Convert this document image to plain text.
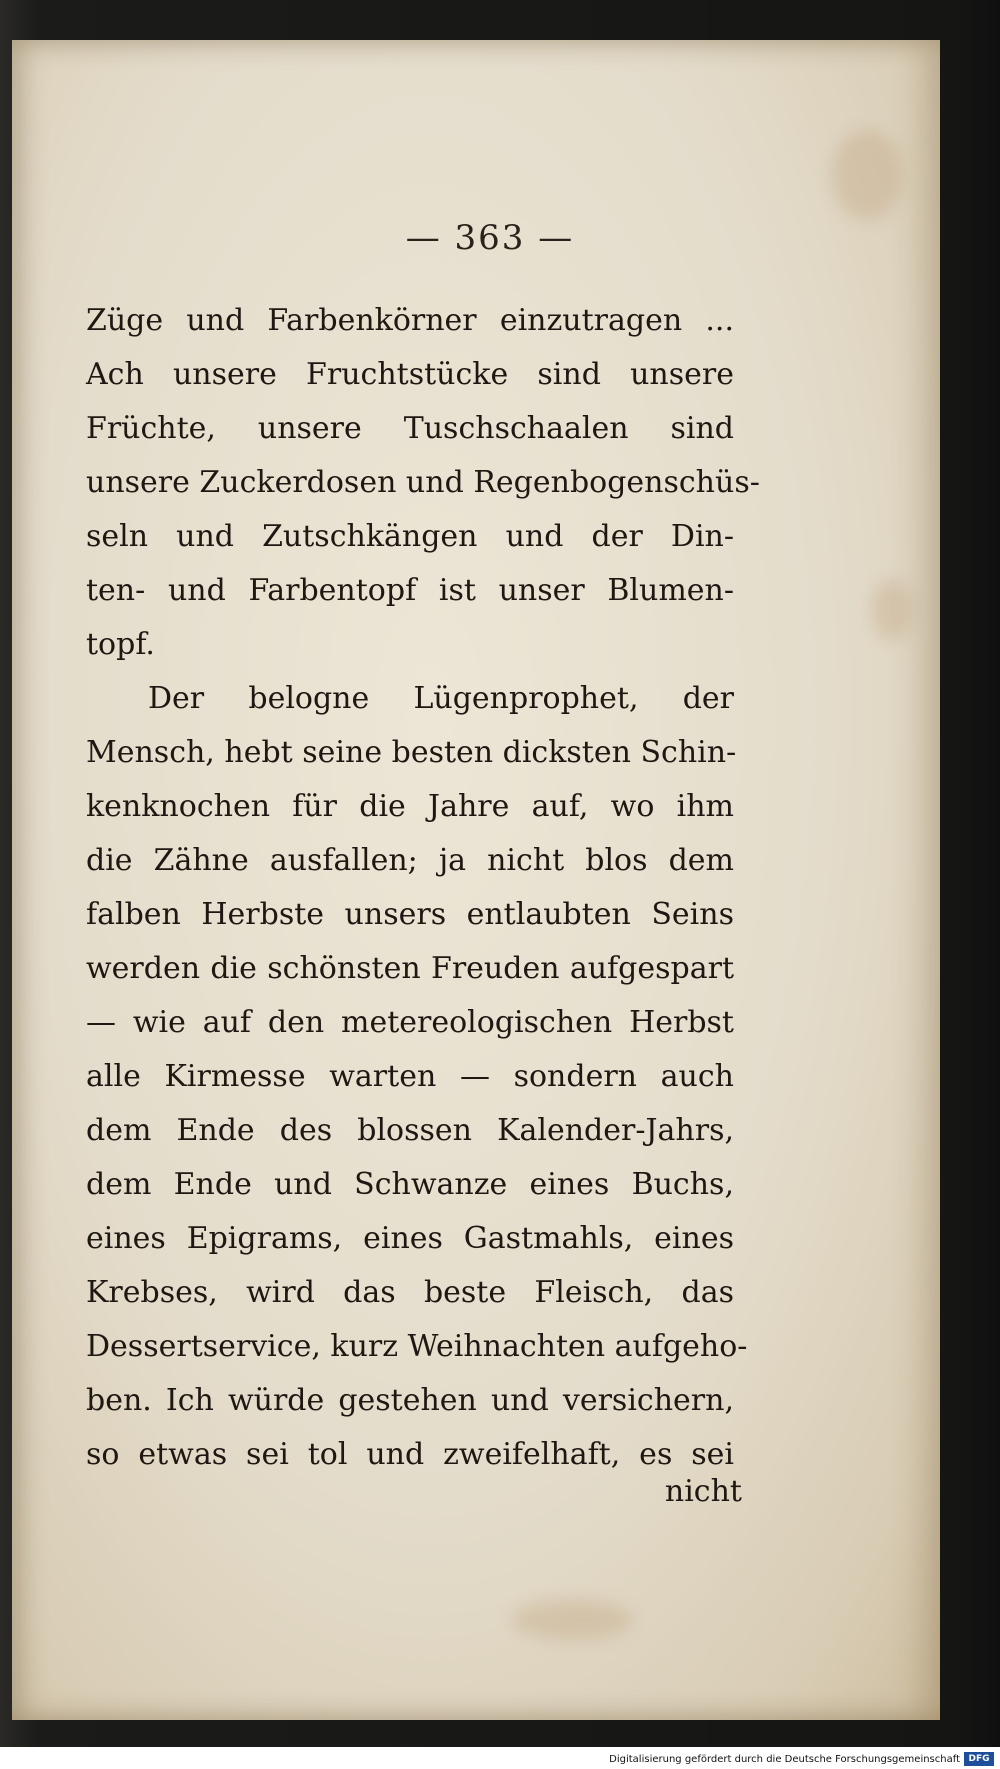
— 363 —
Züge und Farbenkörner einzutragen ...
Ach unsere Fruchtstücke sind unsere
Früchte, unsere Tuschschaalen sind
unsere Zuckerdosen und Regenbogenschüs-
seln und Zutschkängen und der Din-
ten- und Farbentopf ist unser Blumen-
topf.
Der belogne Lügenprophet, der
Mensch, hebt seine besten dicksten Schin-
kenknochen für die Jahre auf, wo ihm
die Zähne ausfallen; ja nicht blos dem
falben Herbste unsers entlaubten Seins
werden die schönsten Freuden aufgespart
— wie auf den metereologischen Herbst
alle Kirmesse warten — sondern auch
dem Ende des blossen Kalender-Jahrs,
dem Ende und Schwanze eines Buchs,
eines Epigrams, eines Gastmahls, eines
Krebses, wird das beste Fleisch, das
Dessertservice, kurz Weihnachten aufgeho-
ben. Ich würde gestehen und versichern,
so etwas sei tol und zweifelhaft, es sei
nicht
Digitalisierung gefördert durch die Deutsche Forschungsgemeinschaft DFG
